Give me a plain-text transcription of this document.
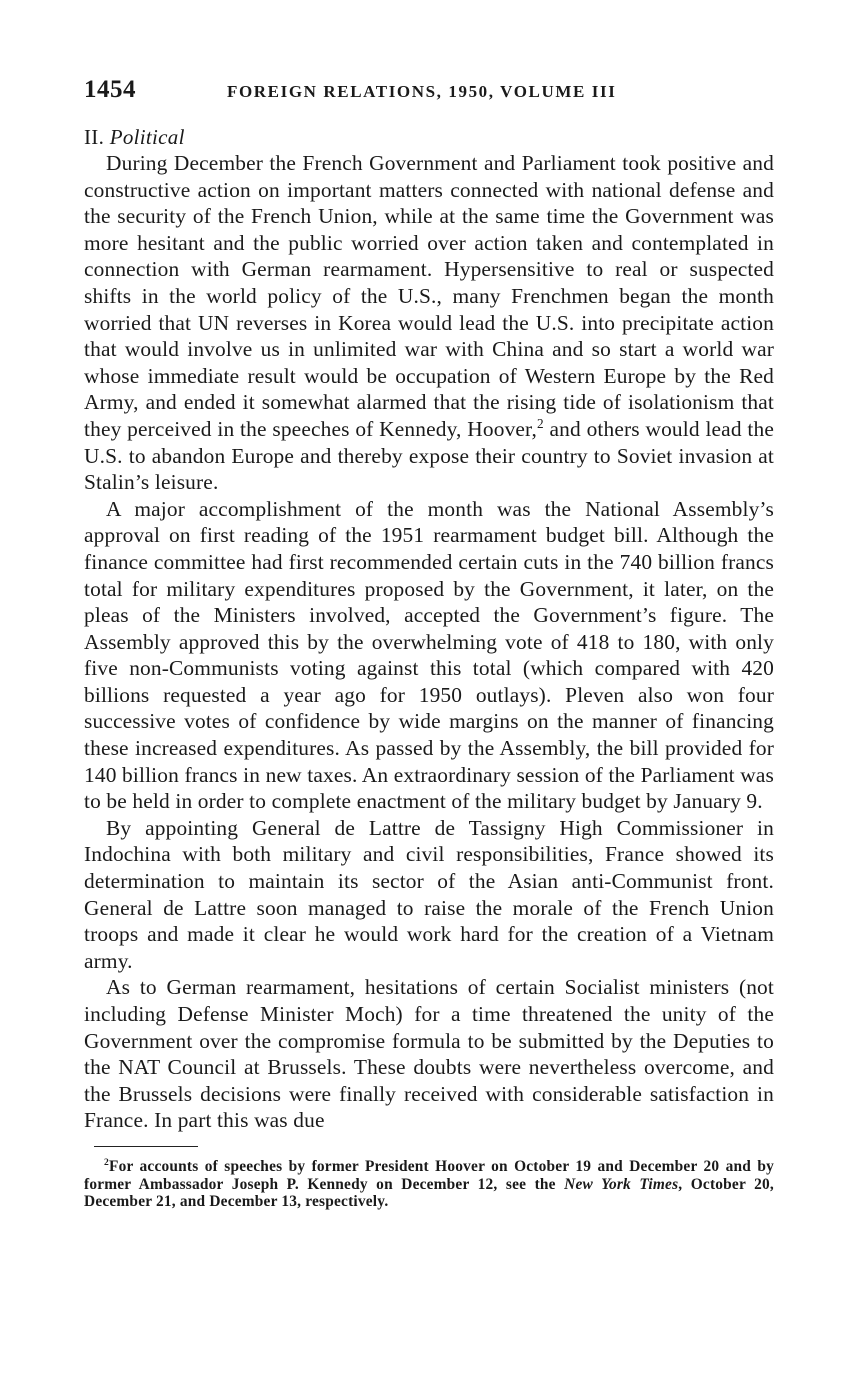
1454	FOREIGN RELATIONS, 1950, VOLUME III
II. Political

During December the French Government and Parliament took positive and constructive action on important matters connected with national defense and the security of the French Union, while at the same time the Government was more hesitant and the public worried over action taken and contemplated in connection with German rearmament. Hypersensitive to real or suspected shifts in the world policy of the U.S., many Frenchmen began the month worried that UN reverses in Korea would lead the U.S. into precipitate action that would involve us in unlimited war with China and so start a world war whose immediate result would be occupation of Western Europe by the Red Army, and ended it somewhat alarmed that the rising tide of isolationism that they perceived in the speeches of Kennedy, Hoover,$^2$ and others would lead the U.S. to abandon Europe and thereby expose their country to Soviet invasion at Stalin’s leisure.

A major accomplishment of the month was the National Assembly’s approval on first reading of the 1951 rearmament budget bill. Although the finance committee had first recommended certain cuts in the 740 billion francs total for military expenditures proposed by the Government, it later, on the pleas of the Ministers involved, accepted the Government’s figure. The Assembly approved this by the overwhelming vote of 418 to 180, with only five non-Communists voting against this total (which compared with 420 billions requested a year ago for 1950 outlays). Pleven also won four successive votes of confidence by wide margins on the manner of financing these increased expenditures. As passed by the Assembly, the bill provided for 140 billion francs in new taxes. An extraordinary session of the Parliament was to be held in order to complete enactment of the military budget by January 9.

By appointing General de Lattre de Tassigny High Commissioner in Indochina with both military and civil responsibilities, France showed its determination to maintain its sector of the Asian anti-Communist front. General de Lattre soon managed to raise the morale of the French Union troops and made it clear he would work hard for the creation of a Vietnam army.

As to German rearmament, hesitations of certain Socialist ministers (not including Defense Minister Moch) for a time threatened the unity of the Government over the compromise formula to be submitted by the Deputies to the NAT Council at Brussels. These doubts were nevertheless overcome, and the Brussels decisions were finally received with considerable satisfaction in France. In part this was due

$^2$For accounts of speeches by former President Hoover on October 19 and December 20 and by former Ambassador Joseph P. Kennedy on December 12, see the New York Times, October 20, December 21, and December 13, respectively.
